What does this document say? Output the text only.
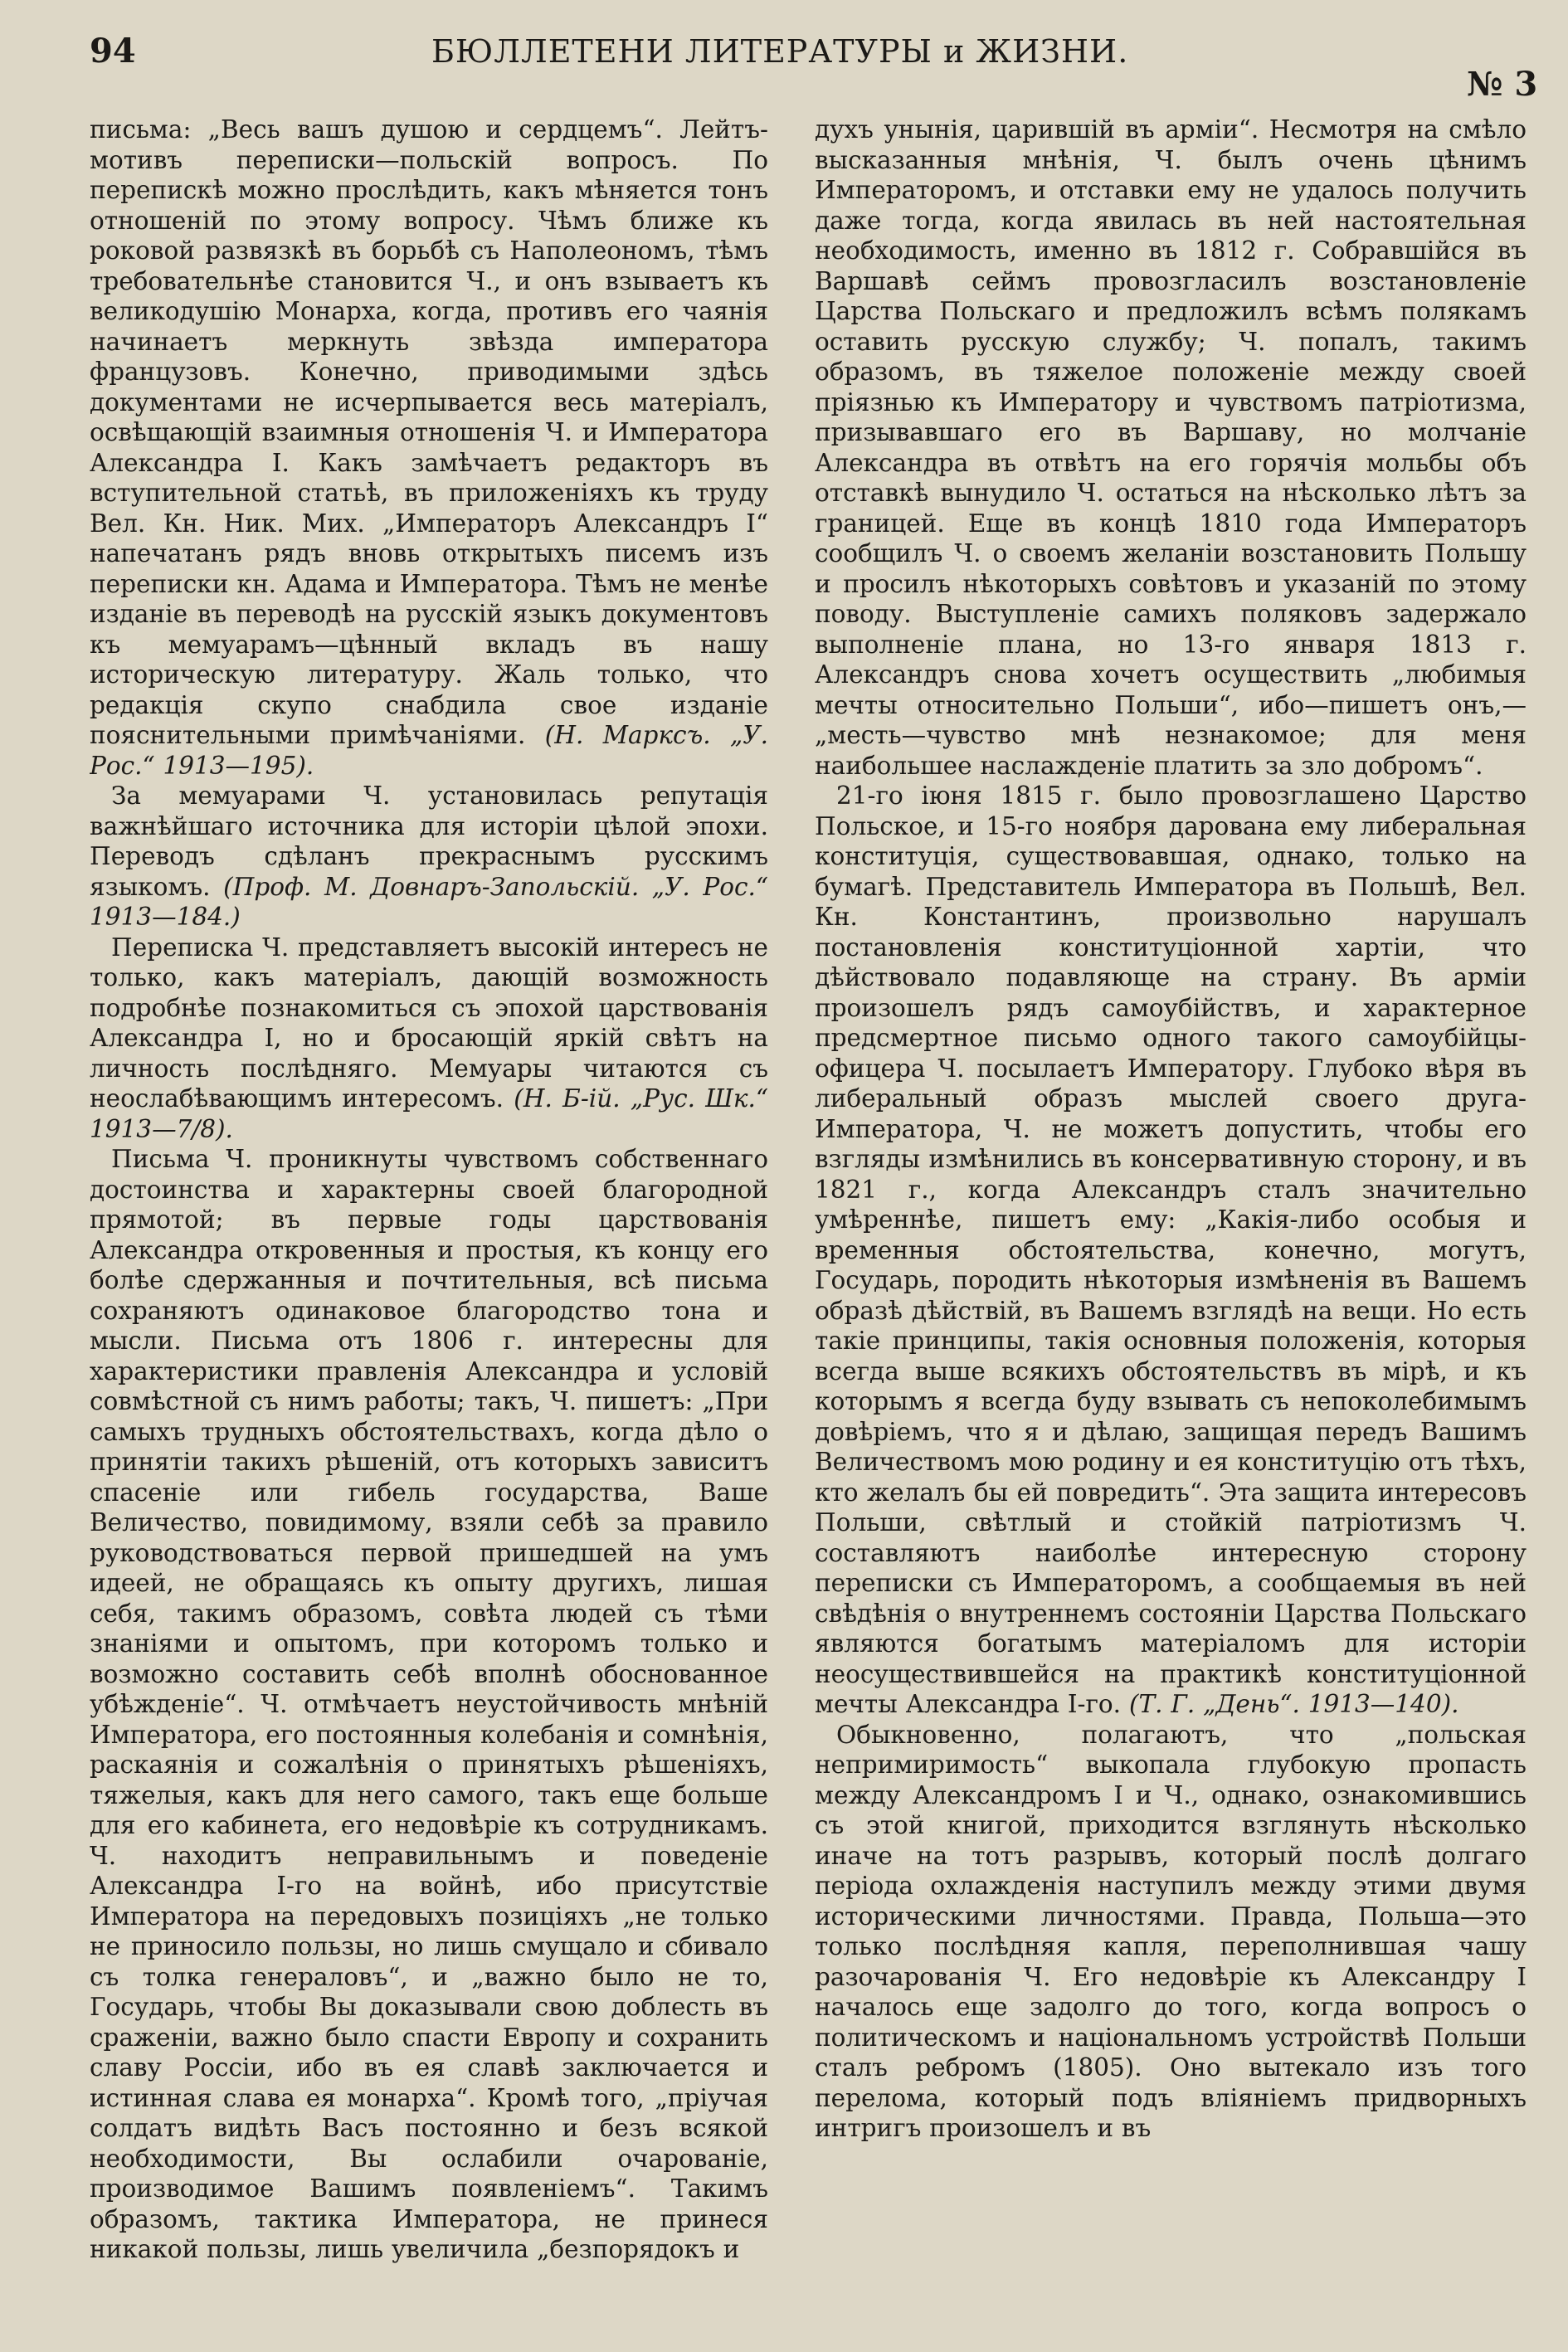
94	БЮЛЛЕТЕНИ ЛИТЕРАТУРЫ и ЖИЗНИ.
№ 3

письма: „Весь вашъ душою и сердцемъ“. Лейтъ-мотивъ переписки—польскій вопросъ. По перепискѣ можно прослѣдить, какъ мѣняется тонъ отношеній по этому вопросу. Чѣмъ ближе къ роковой развязкѣ въ борьбѣ съ Наполеономъ, тѣмъ требовательнѣе становится Ч., и онъ взываетъ къ великодушію Монарха, когда, противъ его чаянія начинаетъ меркнуть звѣзда императора французовъ. Конечно, приводимыми здѣсь документами не исчерпывается весь матеріалъ, освѣщающій взаимныя отношенія Ч. и Императора Александра I. Какъ замѣчаетъ редакторъ въ вступительной статьѣ, въ приложеніяхъ къ труду Вел. Кн. Ник. Мих. „Императоръ Александръ I“ напечатанъ рядъ вновь открытыхъ писемъ изъ переписки кн. Адама и Императора. Тѣмъ не менѣе изданіе въ переводѣ на русскій языкъ документовъ къ мемуарамъ—цѣнный вкладъ въ нашу историческую литературу. Жаль только, что редакція скупо снабдила свое изданіе пояснительными примѣчаніями. (Н. Марксъ. „У. Рос.“ 1913—195).

За мемуарами Ч. установилась репутація важнѣйшаго источника для исторіи цѣлой эпохи. Переводъ сдѣланъ прекраснымъ русскимъ языкомъ. (Проф. М. Довнаръ-Запольскій. „У. Рос.“ 1913—184.)

Переписка Ч. представляетъ высокій интересъ не только, какъ матеріалъ, дающій возможность подробнѣе познакомиться съ эпохой царствованія Александра I, но и бросающій яркій свѣтъ на личность послѣдняго. Мемуары читаются съ неослабѣвающимъ интересомъ. (Н. Б-ій. „Рус. Шк.“ 1913—7/8).

Письма Ч. проникнуты чувствомъ собственнаго достоинства и характерны своей благородной прямотой; въ первые годы царствованія Александра откровенныя и простыя, къ концу его болѣе сдержанныя и почтительныя, всѣ письма сохраняютъ одинаковое благородство тона и мысли. Письма отъ 1806 г. интересны для характеристики правленія Александра и условій совмѣстной съ нимъ работы; такъ, Ч. пишетъ: „При самыхъ трудныхъ обстоятельствахъ, когда дѣло о принятіи такихъ рѣшеній, отъ которыхъ зависитъ спасеніе или гибель государства, Ваше Величество, повидимому, взяли себѣ за правило руководствоваться первой пришедшей на умъ идеей, не обращаясь къ опыту другихъ, лишая себя, такимъ образомъ, совѣта людей съ тѣми знаніями и опытомъ, при которомъ только и возможно составить себѣ вполнѣ обоснованное убѣжденіе“. Ч. отмѣчаетъ неустойчивость мнѣній Императора, его постоянныя колебанія и сомнѣнія, раскаянія и сожалѣнія о принятыхъ рѣшеніяхъ, тяжелыя, какъ для него самого, такъ еще больше для его кабинета, его недовѣріе къ сотрудникамъ. Ч. находитъ неправильнымъ и поведеніе Александра I-го на войнѣ, ибо присутствіе Императора на передовыхъ позиціяхъ „не только не приносило пользы, но лишь смущало и сбивало съ толка генераловъ“, и „важно было не то, Государь, чтобы Вы доказывали свою доблесть въ сраженіи, важно было спасти Европу и сохранить славу Россіи, ибо въ ея славѣ заключается и истинная слава ея монарха“. Кромѣ того, „пріучая солдатъ видѣть Васъ постоянно и безъ всякой необходимости, Вы ослабили очарованіе, производимое Вашимъ появленіемъ“. Такимъ образомъ, тактика Императора, не принеся никакой пользы, лишь увеличила „безпорядокъ и

духъ унынія, царившій въ арміи“. Несмотря на смѣло высказанныя мнѣнія, Ч. былъ очень цѣнимъ Императоромъ, и отставки ему не удалось получить даже тогда, когда явилась въ ней настоятельная необходимость, именно въ 1812 г. Собравшійся въ Варшавѣ сеймъ провозгласилъ возстановленіе Царства Польскаго и предложилъ всѣмъ полякамъ оставить русскую службу; Ч. попалъ, такимъ образомъ, въ тяжелое положеніе между своей пріязнью къ Императору и чувствомъ патріотизма, призывавшаго его въ Варшаву, но молчаніе Александра въ отвѣтъ на его горячія мольбы объ отставкѣ вынудило Ч. остаться на нѣсколько лѣтъ за границей. Еще въ концѣ 1810 года Императоръ сообщилъ Ч. о своемъ желаніи возстановить Польшу и просилъ нѣкоторыхъ совѣтовъ и указаній по этому поводу. Выступленіе самихъ поляковъ задержало выполненіе плана, но 13-го января 1813 г. Александръ снова хочетъ осуществить „любимыя мечты относительно Польши“, ибо—пишетъ онъ,—„месть—чувство мнѣ незнакомое; для меня наибольшее наслажденіе платить за зло добромъ“.

21-го іюня 1815 г. было провозглашено Царство Польское, и 15-го ноября дарована ему либеральная конституція, существовавшая, однако, только на бумагѣ. Представитель Императора въ Польшѣ, Вел. Кн. Константинъ, произвольно нарушалъ постановленія конституціонной хартіи, что дѣйствовало подавляюще на страну. Въ арміи произошелъ рядъ самоубійствъ, и характерное предсмертное письмо одного такого самоубійцы-офицера Ч. посылаетъ Императору. Глубоко вѣря въ либеральный образъ мыслей своего друга-Императора, Ч. не можетъ допустить, чтобы его взгляды измѣнились въ консервативную сторону, и въ 1821 г., когда Александръ сталъ значительно умѣреннѣе, пишетъ ему: „Какія-либо особыя и временныя обстоятельства, конечно, могутъ, Государь, породить нѣкоторыя измѣненія въ Вашемъ образѣ дѣйствій, въ Вашемъ взглядѣ на вещи. Но есть такіе принципы, такія основныя положенія, которыя всегда выше всякихъ обстоятельствъ въ мірѣ, и къ которымъ я всегда буду взывать съ непоколебимымъ довѣріемъ, что я и дѣлаю, защищая передъ Вашимъ Величествомъ мою родину и ея конституцію отъ тѣхъ, кто желалъ бы ей повредить“. Эта защита интересовъ Польши, свѣтлый и стойкій патріотизмъ Ч. составляютъ наиболѣе интересную сторону переписки съ Императоромъ, а сообщаемыя въ ней свѣдѣнія о внутреннемъ состояніи Царства Польскаго являются богатымъ матеріаломъ для исторіи неосуществившейся на практикѣ конституціонной мечты Александра I-го. (Т. Г. „День“. 1913—140).

Обыкновенно, полагаютъ, что „польская непримиримость“ выкопала глубокую пропасть между Александромъ I и Ч., однако, ознакомившись съ этой книгой, приходится взглянуть нѣсколько иначе на тотъ разрывъ, который послѣ долгаго періода охлажденія наступилъ между этими двумя историческими личностями. Правда, Польша—это только послѣдняя капля, переполнившая чашу разочарованія Ч. Его недовѣріе къ Александру I началось еще задолго до того, когда вопросъ о политическомъ и національномъ устройствѣ Польши сталъ ребромъ (1805). Оно вытекало изъ того перелома, который подъ вліяніемъ придворныхъ интригъ произошелъ и въ
